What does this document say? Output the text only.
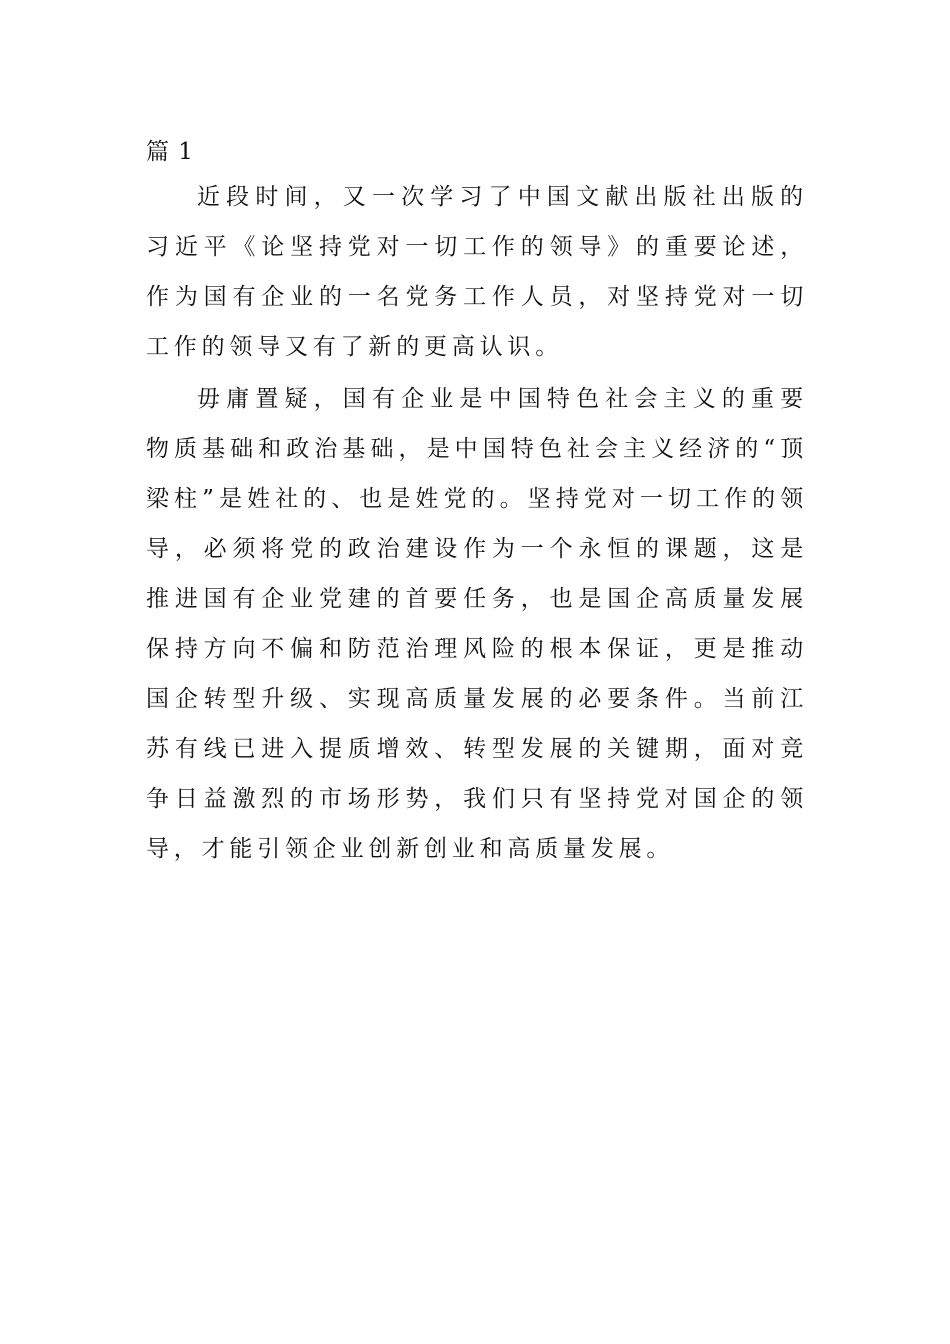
篇 1

近段时间，又一次学习了中国文献出版社出版的习近平《论坚持党对一切工作的领导》的重要论述，作为国有企业的一名党务工作人员，对坚持党对一切工作的领导又有了新的更高认识。

毋庸置疑，国有企业是中国特色社会主义的重要物质基础和政治基础，是中国特色社会主义经济的“顶梁柱”是姓社的、也是姓党的。坚持党对一切工作的领导，必须将党的政治建设作为一个永恒的课题，这是推进国有企业党建的首要任务，也是国企高质量发展保持方向不偏和防范治理风险的根本保证，更是推动国企转型升级、实现高质量发展的必要条件。当前江苏有线已进入提质增效、转型发展的关键期，面对竞争日益激烈的市场形势，我们只有坚持党对国企的领导，才能引领企业创新创业和高质量发展。
